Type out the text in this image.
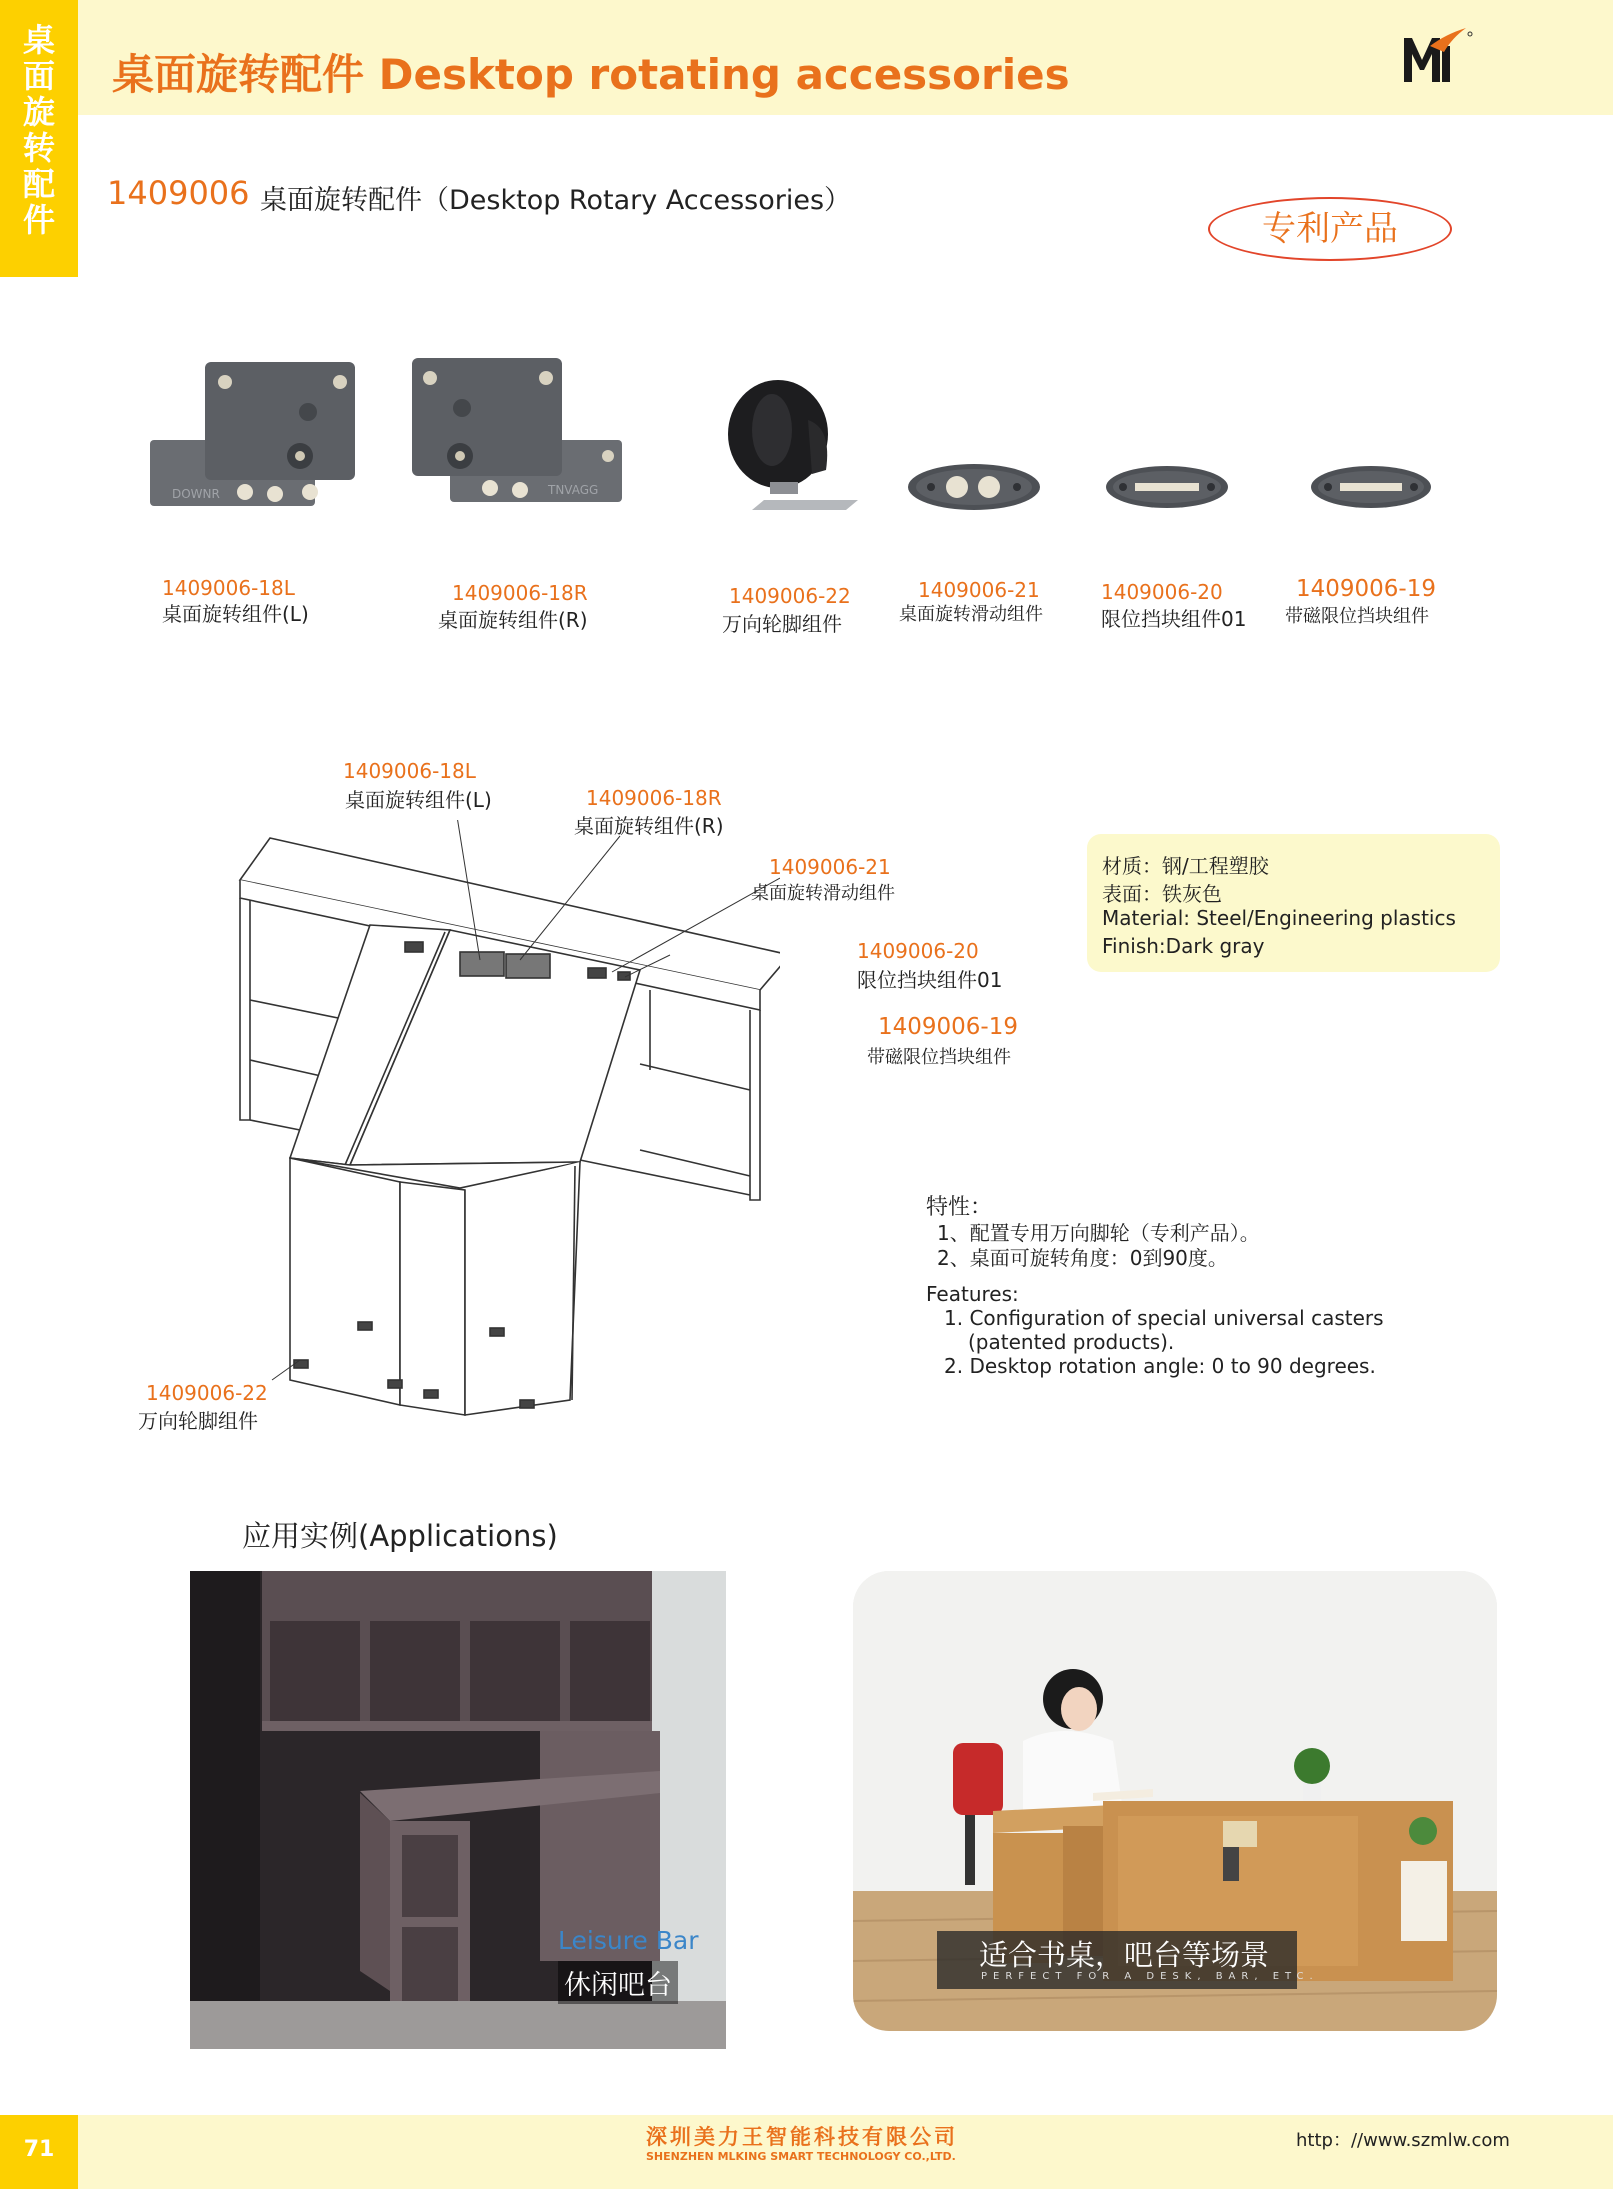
桌面旋转配件
桌面旋转配件 Desktop rotating accessories
1409006 桌面旋转配件（Desktop Rotary Accessories）
专利产品
DOWNR	TNVAGG
1409006-18L
桌面旋转组件(L)
1409006-18R
桌面旋转组件(R)
1409006-22
万向轮脚组件
1409006-21
桌面旋转滑动组件
1409006-20
限位挡块组件01
1409006-19
带磁限位挡块组件
1409006-18L
桌面旋转组件(L)	1409006-18R
桌面旋转组件(R)
1409006-21
桌面旋转滑动组件
1409006-20
限位挡块组件01
1409006-19
带磁限位挡块组件
1409006-22
万向轮脚组件
材质：钢/工程塑胶
表面：铁灰色
Material: Steel/Engineering plastics
Finish:Dark gray
特性：
1、配置专用万向脚轮（专利产品）。
2、桌面可旋转角度：0到90度。
Features:
1. Configuration of special universal casters
(patented products).
2. Desktop rotation angle: 0 to 90 degrees.
应用实例(Applications)
Leisure Bar
休闲吧台
适合书桌，吧台等场景
PERFECT FOR A DESK, BAR, ETC.
71	深圳美力王智能科技有限公司
SHENZHEN MLKING SMART TECHNOLOGY CO.,LTD.
http：//www.szmlw.com
